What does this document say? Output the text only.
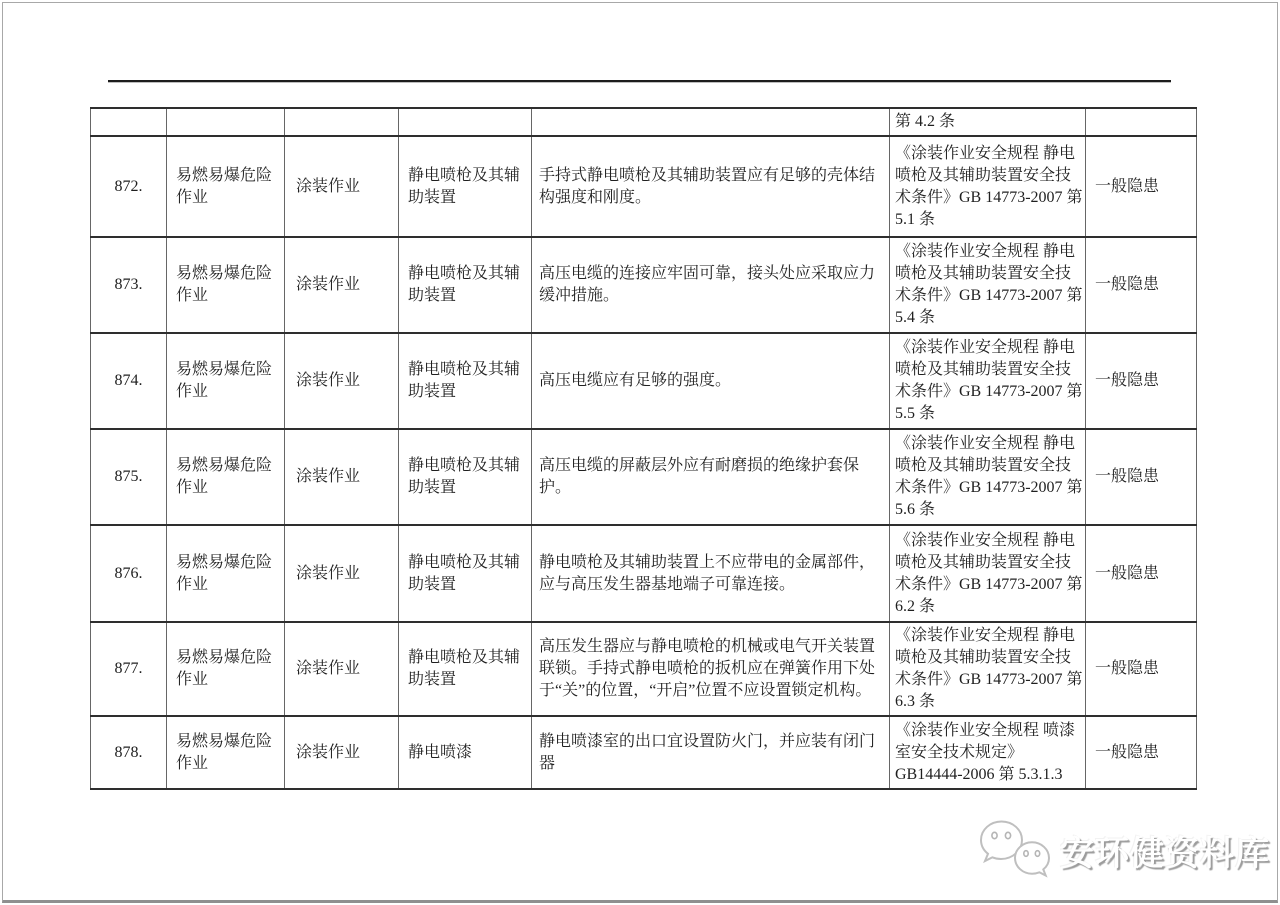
					第 4.2 条	
872.	易燃易爆危险作业	涂装作业	静电喷枪及其辅助装置	手持式静电喷枪及其辅助装置应有足够的壳体结构强度和刚度。	《涂装作业安全规程 静电喷枪及其辅助装置安全技术条件》GB 14773-2007 第 5.1 条	一般隐患
873.	易燃易爆危险作业	涂装作业	静电喷枪及其辅助装置	高压电缆的连接应牢固可靠，接头处应采取应力缓冲措施。	《涂装作业安全规程 静电喷枪及其辅助装置安全技术条件》GB 14773-2007 第 5.4 条	一般隐患
874.	易燃易爆危险作业	涂装作业	静电喷枪及其辅助装置	高压电缆应有足够的强度。	《涂装作业安全规程 静电喷枪及其辅助装置安全技术条件》GB 14773-2007 第 5.5 条	一般隐患
875.	易燃易爆危险作业	涂装作业	静电喷枪及其辅助装置	高压电缆的屏蔽层外应有耐磨损的绝缘护套保护。	《涂装作业安全规程 静电喷枪及其辅助装置安全技术条件》GB 14773-2007 第 5.6 条	一般隐患
876.	易燃易爆危险作业	涂装作业	静电喷枪及其辅助装置	静电喷枪及其辅助装置上不应带电的金属部件，应与高压发生器基地端子可靠连接。	《涂装作业安全规程 静电喷枪及其辅助装置安全技术条件》GB 14773-2007 第 6.2 条	一般隐患
877.	易燃易爆危险作业	涂装作业	静电喷枪及其辅助装置	高压发生器应与静电喷枪的机械或电气开关装置联锁。手持式静电喷枪的扳机应在弹簧作用下处于“关”的位置，“开启”位置不应设置锁定机构。	《涂装作业安全规程 静电喷枪及其辅助装置安全技术条件》GB 14773-2007 第 6.3 条	一般隐患
878.	易燃易爆危险作业	涂装作业	静电喷漆	静电喷漆室的出口宜设置防火门，并应装有闭门器	《涂装作业安全规程 喷漆室安全技术规定》GB14444-2006 第 5.3.1.3	一般隐患
安环健资料库
